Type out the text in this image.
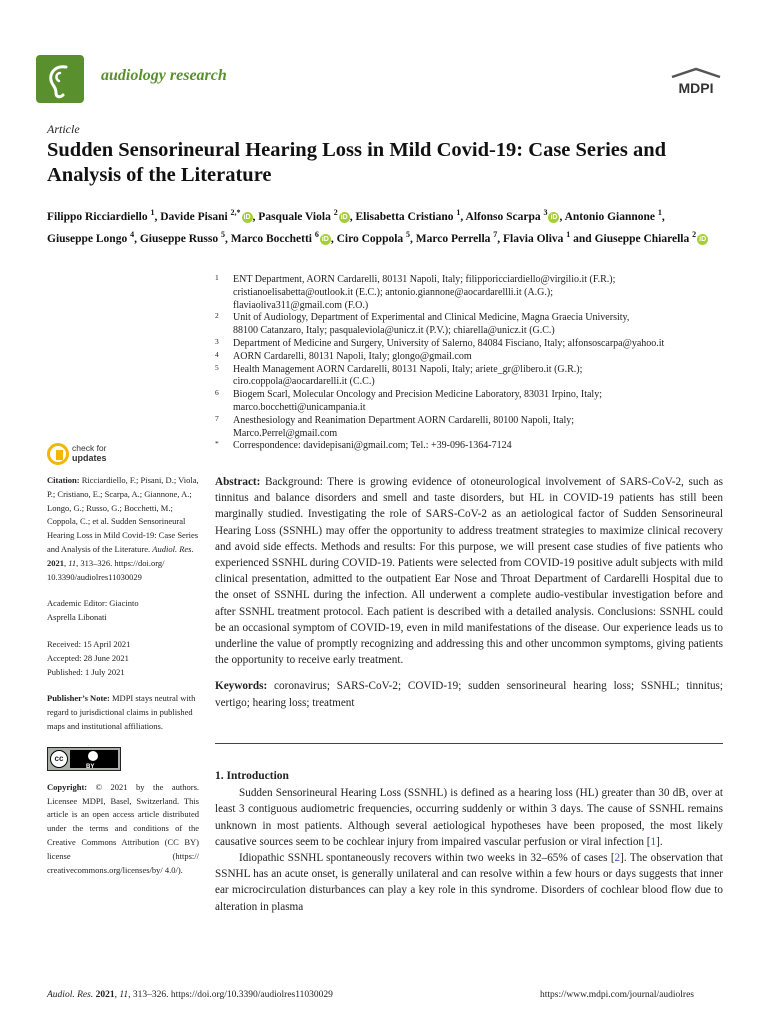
audiology research
MDPI
Article
Sudden Sensorineural Hearing Loss in Mild Covid-19: Case Series and Analysis of the Literature
Filippo Ricciardiello $^1$, Davide Pisani $^{2,*}$iD , Pasquale Viola $^2$iD , Elisabetta Cristiano $^1$, Alfonso Scarpa $^3$iD , Antonio Giannone $^1$, Giuseppe Longo $^4$, Giuseppe Russo $^5$, Marco Bocchetti $^6$iD , Ciro Coppola $^5$, Marco Perrella $^7$, Flavia Oliva $^1$ and Giuseppe Chiarella $^2$iD
1 ENT Department, AORN Cardarelli, 80131 Napoli, Italy; filipporicciardiello@virgilio.it (F.R.);
cristianoelisabetta@outlook.it (E.C.); antonio.giannone@aocardarellli.it (A.G.);
flaviaoliva311@gmail.com (F.O.)
2 Unit of Audiology, Department of Experimental and Clinical Medicine, Magna Graecia University,
88100 Catanzaro, Italy; pasqualeviola@unicz.it (P.V.); chiarella@unicz.it (G.C.)
3 Department of Medicine and Surgery, University of Salerno, 84084 Fisciano, Italy; alfonsoscarpa@yahoo.it
4 AORN Cardarelli, 80131 Napoli, Italy; glongo@gmail.com
5 Health Management AORN Cardarelli, 80131 Napoli, Italy; ariete_gr@libero.it (G.R.);
ciro.coppola@aocardarelli.it (C.C.)
6 Biogem Scarl, Molecular Oncology and Precision Medicine Laboratory, 83031 Irpino, Italy;
marco.bocchetti@unicampania.it
7 Anesthesiology and Reanimation Department AORN Cardarelli, 80100 Napoli, Italy;
Marco.Perrel@gmail.com
* Correspondence: davidepisani@gmail.com; Tel.: +39-096-1364-7124
check for
updates

Citation: Ricciardiello, F.; Pisani, D.; Viola, P.; Cristiano, E.; Scarpa, A.; Giannone, A.; Longo, G.; Russo, G.; Bocchetti, M.; Coppola, C.; et al. Sudden Sensorineural Hearing Loss in Mild Covid-19: Case Series and Analysis of the Literature. Audiol. Res. 2021, 11, 313–326. https://doi.org/ 10.3390/audiolres11030029

Academic Editor: Giacinto
Asprella Libonati

Received: 15 April 2021
Accepted: 28 June 2021
Published: 1 July 2021

Publisher’s Note: MDPI stays neutral with regard to jurisdictional claims in published maps and institutional affiliations.

cc
BY

Copyright: © 2021 by the authors. Licensee MDPI, Basel, Switzerland. This article is an open access article distributed under the terms and conditions of the Creative Commons Attribution (CC BY) license (https:// creativecommons.org/licenses/by/ 4.0/).

Abstract: Background: There is growing evidence of otoneurological involvement of SARS-CoV-2, such as tinnitus and balance disorders and smell and taste disorders, but HL in COVID-19 patients has still been marginally studied. Investigating the role of SARS-CoV-2 as an aetiological factor of Sudden Sensorineural Hearing Loss (SSNHL) may offer the opportunity to address treatment strategies to maximize clinical recovery and avoid side effects. Methods and results: For this purpose, we will present case studies of five patients who experienced SSNHL during COVID-19. Patients were selected from COVID-19 positive adult subjects with mild clinical presentation, admitted to the outpatient Ear Nose and Throat Department of Cardarelli Hospital due to the onset of SSNHL during the infection. All underwent a complete audio-vestibular investigation before and after SSNHL treatment protocol. Each patient is described with a detailed analysis. Conclusions: SSNHL could be an occasional symptom of COVID-19, even in mild manifestations of the disease. Our experience leads us to underline the value of promptly recognizing and addressing this and other uncommon symptoms, giving patients the opportunity to receive early treatment.

Keywords: coronavirus; SARS-CoV-2; COVID-19; sudden sensorineural hearing loss; SSNHL; tinnitus; vertigo; hearing loss; treatment

1. Introduction

Sudden Sensorineural Hearing Loss (SSNHL) is defined as a hearing loss (HL) greater than 30 dB, over at least 3 contiguous audiometric frequencies, occurring suddenly or within 3 days. The cause of SSNHL remains unknown in most patients. Although several aetiological hypotheses have been proposed, the most likely causative sources seem to be cochlear injury from impaired vascular perfusion or viral infection [1].

Idiopathic SSNHL spontaneously recovers within two weeks in 32–65% of cases [2]. The observation that SSNHL has an acute onset, is generally unilateral and can resolve within a few hours or days suggests that inner ear microcirculation disturbances can play a key role in this syndrome. Disorders of cochlear blood flow due to alteration in plasma

Audiol. Res. 2021, 11, 313–326. https://doi.org/10.3390/audiolres11030029	https://www.mdpi.com/journal/audiolres
